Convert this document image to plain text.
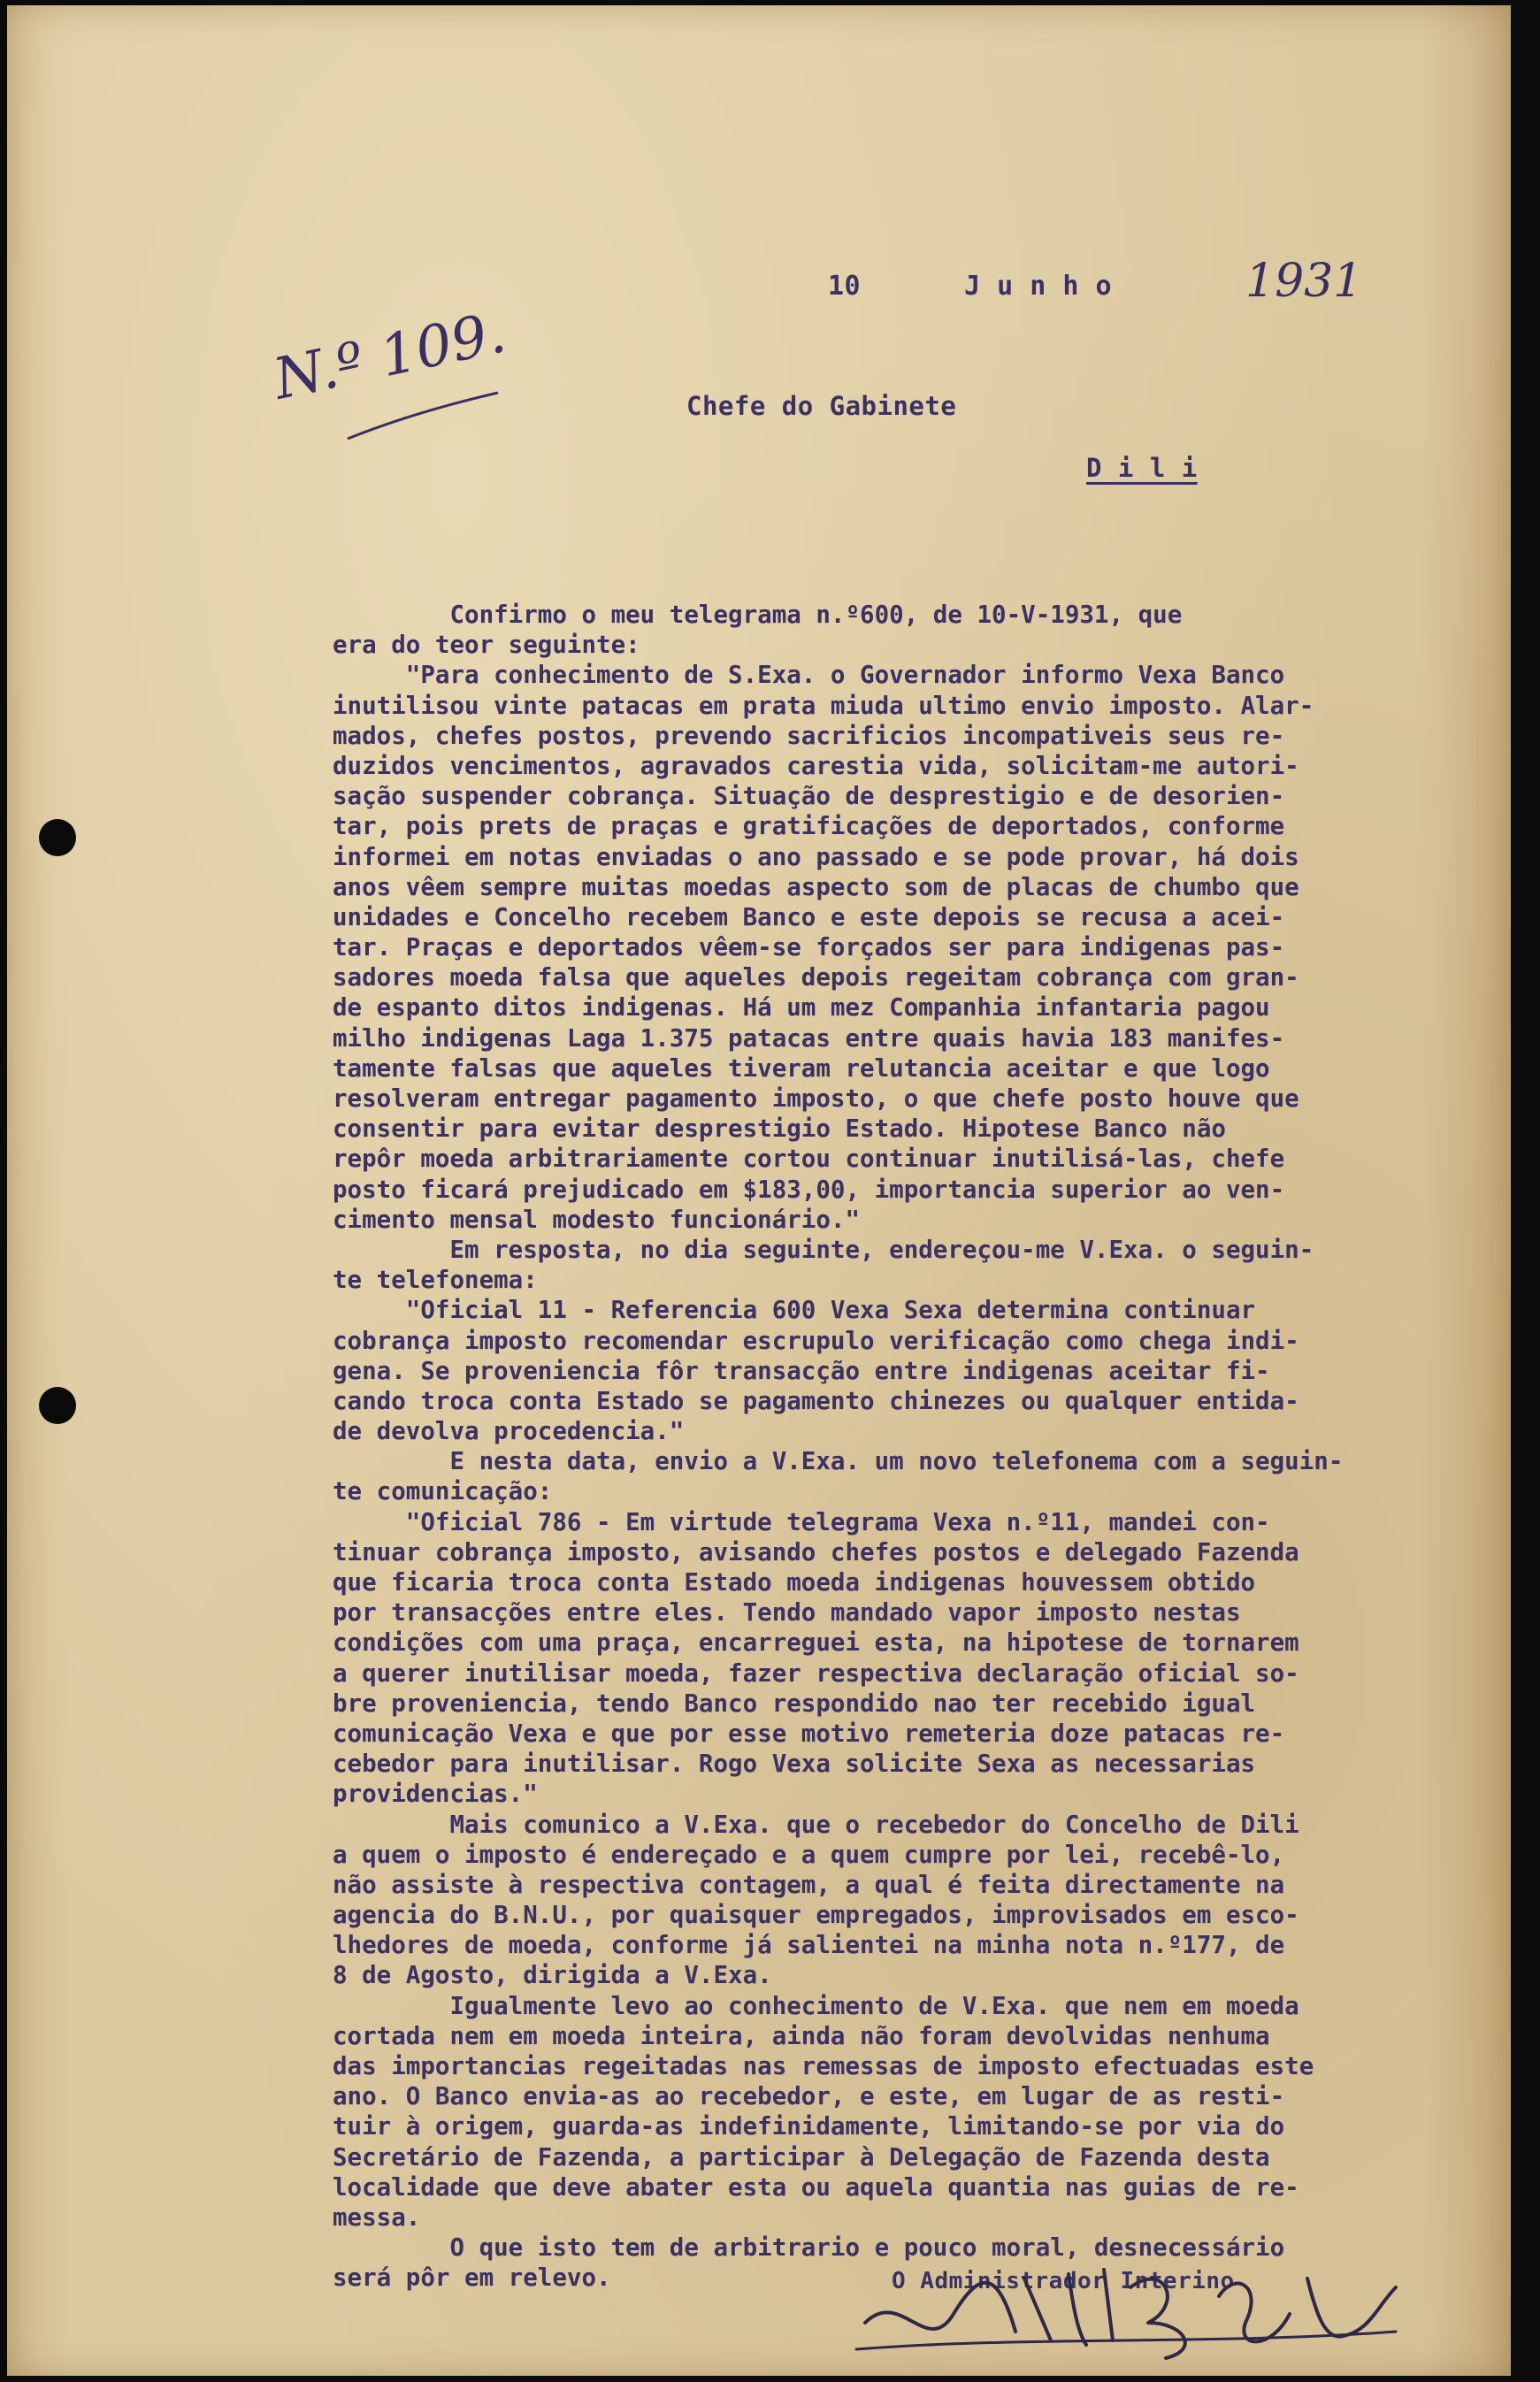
N.º 109.
10	J u n h o	1931
Chefe do Gabinete
D i l i
Confirmo o meu telegrama n.º600, de 10-V-1931, que
era do teor seguinte:
"Para conhecimento de S.Exa. o Governador informo Vexa Banco
inutilisou vinte patacas em prata miuda ultimo envio imposto. Alar-
mados, chefes postos, prevendo sacrificios incompativeis seus re-
duzidos vencimentos, agravados carestia vida, solicitam-me autori-
sação suspender cobrança. Situação de desprestigio e de desorien-
tar, pois prets de praças e gratificações de deportados, conforme
informei em notas enviadas o ano passado e se pode provar, há dois
anos vêem sempre muitas moedas aspecto som de placas de chumbo que
unidades e Concelho recebem Banco e este depois se recusa a acei-
tar. Praças e deportados vêem-se forçados ser para indigenas pas-
sadores moeda falsa que aqueles depois regeitam cobrança com gran-
de espanto ditos indigenas. Há um mez Companhia infantaria pagou
milho indigenas Laga 1.375 patacas entre quais havia 183 manifes-
tamente falsas que aqueles tiveram relutancia aceitar e que logo
resolveram entregar pagamento imposto, o que chefe posto houve que
consentir para evitar desprestigio Estado. Hipotese Banco não
repôr moeda arbitrariamente cortou continuar inutilisá-las, chefe
posto ficará prejudicado em $183,00, importancia superior ao ven-
cimento mensal modesto funcionário."
Em resposta, no dia seguinte, endereçou-me V.Exa. o seguin-
te telefonema:
"Oficial 11 - Referencia 600 Vexa Sexa determina continuar
cobrança imposto recomendar escrupulo verificação como chega indi-
gena. Se proveniencia fôr transacção entre indigenas aceitar fi-
cando troca conta Estado se pagamento chinezes ou qualquer entida-
de devolva procedencia."
E nesta data, envio a V.Exa. um novo telefonema com a seguin-
te comunicação:
"Oficial 786 - Em virtude telegrama Vexa n.º11, mandei con-
tinuar cobrança imposto, avisando chefes postos e delegado Fazenda
que ficaria troca conta Estado moeda indigenas houvessem obtido
por transacções entre eles. Tendo mandado vapor imposto nestas
condições com uma praça, encarreguei esta, na hipotese de tornarem
a querer inutilisar moeda, fazer respectiva declaração oficial so-
bre proveniencia, tendo Banco respondido nao ter recebido igual
comunicação Vexa e que por esse motivo remeteria doze patacas re-
cebedor para inutilisar. Rogo Vexa solicite Sexa as necessarias
providencias."
Mais comunico a V.Exa. que o recebedor do Concelho de Dili
a quem o imposto é endereçado e a quem cumpre por lei, recebê-lo,
não assiste à respectiva contagem, a qual é feita directamente na
agencia do B.N.U., por quaisquer empregados, improvisados em esco-
lhedores de moeda, conforme já salientei na minha nota n.º177, de
8 de Agosto, dirigida a V.Exa.
Igualmente levo ao conhecimento de V.Exa. que nem em moeda
cortada nem em moeda inteira, ainda não foram devolvidas nenhuma
das importancias regeitadas nas remessas de imposto efectuadas este
ano. O Banco envia-as ao recebedor, e este, em lugar de as resti-
tuir à origem, guarda-as indefinidamente, limitando-se por via do
Secretário de Fazenda, a participar à Delegação de Fazenda desta
localidade que deve abater esta ou aquela quantia nas guias de re-
messa.
O que isto tem de arbitrario e pouco moral, desnecessário
será pôr em relevo.	O Administrador Interino
